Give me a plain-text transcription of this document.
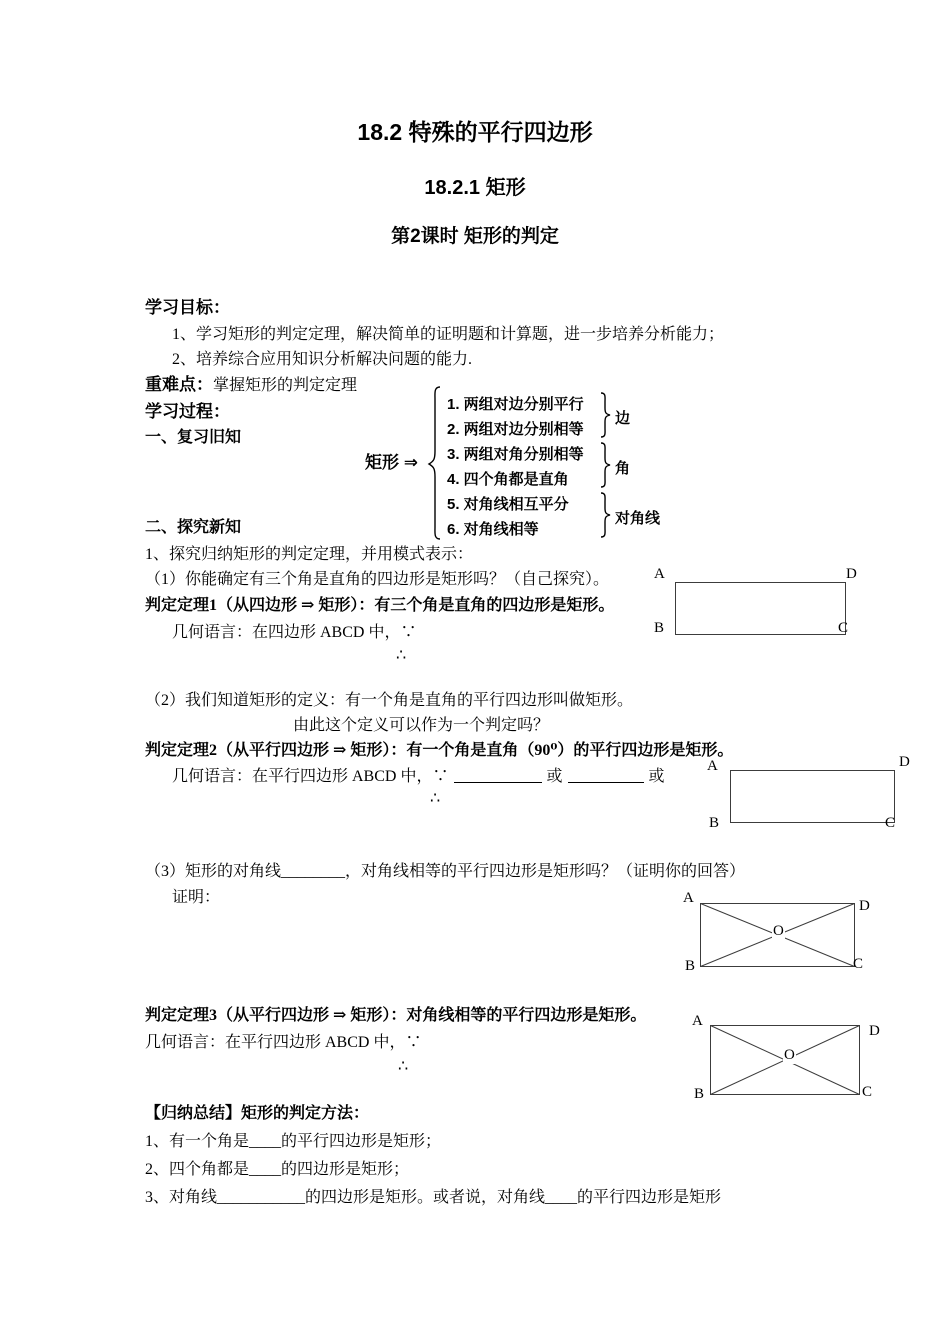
18.2 特殊的平行四边形
18.2.1 矩形
第2课时 矩形的判定
学习目标：
1、学习矩形的判定定理，解决简单的证明题和计算题，进一步培养分析能力；
2、培养综合应用知识分析解决问题的能力.
重难点：掌握矩形的判定定理
学习过程：
一、复习旧知
矩形 ⇒
1. 两组对边分别平行
2. 两组对边分别相等
3. 两组对角分别相等
4. 四个角都是直角
5. 对角线相互平分
6. 对角线相等
边
角
对角线
二、探究新知
1、探究归纳矩形的判定定理，并用模式表示：
（1）你能确定有三个角是直角的四边形是矩形吗？（自己探究）。	A	D
B	C
判定定理1（从四边形 ⇒ 矩形）：有三个角是直角的四边形是矩形。
几何语言：在四边形 ABCD 中，∵
∴
（2）我们知道矩形的定义：有一个角是直角的平行四边形叫做矩形。
由此这个定义可以作为一个判定吗？
判定定理2（从平行四边形 ⇒ 矩形）：有一个角是直角（90⁰）的平行四边形是矩形。
几何语言：在平行四边形 ABCD 中，∵	或	或
∴
A	D
B	C
（3）矩形的对角线________，对角线相等的平行四边形是矩形吗？（证明你的回答）
证明：	A	D
B	C
O
判定定理3（从平行四边形 ⇒ 矩形）：对角线相等的平行四边形是矩形。
几何语言：在平行四边形 ABCD 中，∵
∴
A
D
B	C
O
【归纳总结】矩形的判定方法：
1、有一个角是____的平行四边形是矩形；
2、四个角都是____的四边形是矩形；
3、对角线___________的四边形是矩形。或者说，对角线____的平行四边形是矩形
